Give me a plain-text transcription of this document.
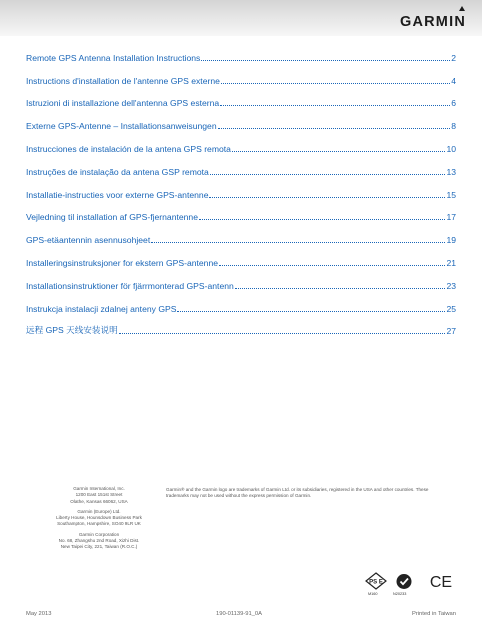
GARMIN
Remote GPS Antenna Installation Instructions	2
Instructions d'installation de l'antenne GPS externe	4
Istruzioni di installazione dell'antenna GPS esterna	6
Externe GPS-Antenne – Installationsanweisungen	8
Instrucciones de instalación de la antena GPS remota	10
Instruções de instalação da antena GSP remota	13
Installatie-instructies voor externe GPS-antenne	15
Vejledning til installation af GPS-fjernantenne	17
GPS-etäantennin asennusohjeet	19
Installeringsinstruksjoner for ekstern GPS-antenne	21
Installationsinstruktioner för fjärrmonterad GPS-antenn	23
Instrukcja instalacji zdalnej anteny GPS	25
远程 GPS 天线安装说明	27
Garmin International, Inc.
1200 East 151st Street
Olathe, Kansas 66062, USA
Garmin (Europe) Ltd.
Liberty House, Hounsdown Business Park
Southampton, Hampshire, SO40 9LR UK
Garmin Corporation
No. 68, Zhangshu 2nd Road, Xizhi Dist.
New Taipei City, 221, Taiwan (R.O.C.)
Garmin® and the Garmin logo are trademarks of Garmin Ltd. or its subsidiaries, registered in the USA and other countries. These
trademarks may not be used without the express permission of Garmin.
PS E
M160	N20233
CE
May 2013	190-01139-91_0A	Printed in Taiwan
